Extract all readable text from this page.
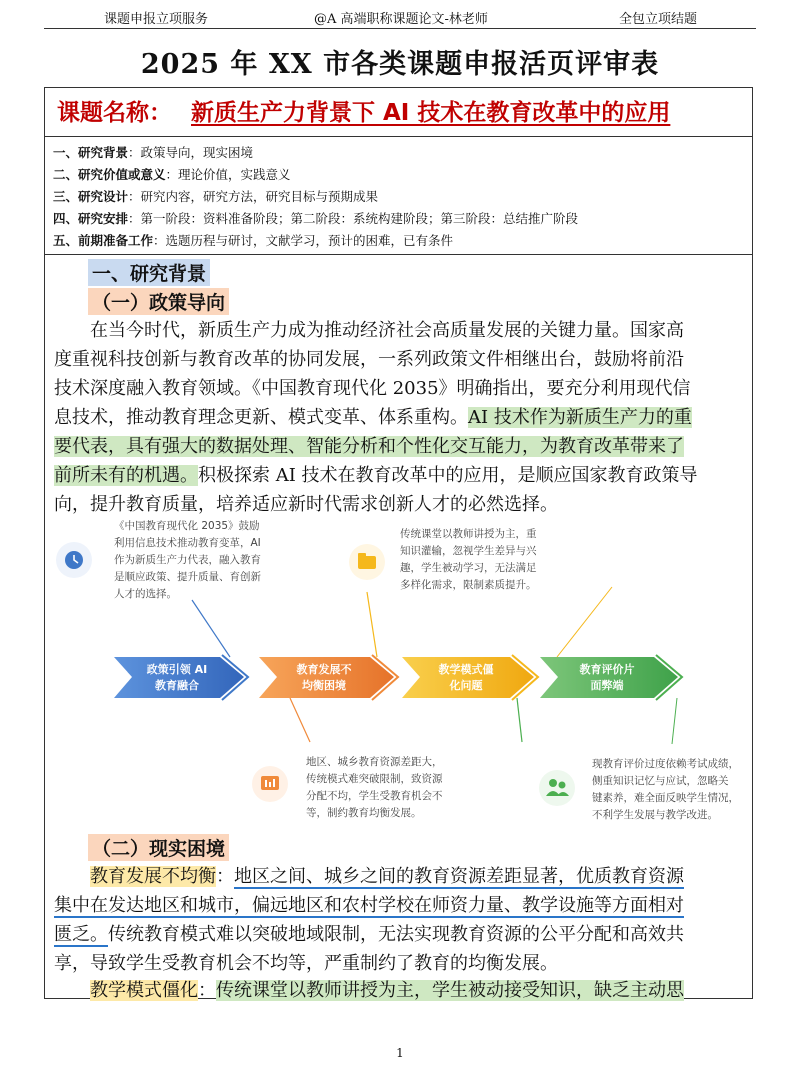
课题申报立项服务	@A 高端职称课题论文-林老师	全包立项结题
2025 年 XX 市各类课题申报活页评审表
课题名称： 新质生产力背景下 AI 技术在教育改革中的应用
一、研究背景：政策导向，现实困境
二、研究价值或意义：理论价值，实践意义
三、研究设计：研究内容，研究方法，研究目标与预期成果
四、研究安排：第一阶段：资料准备阶段；第二阶段：系统构建阶段；第三阶段：总结推广阶段
五、前期准备工作：选题历程与研讨，文献学习，预计的困难，已有条件
一、研究背景
（一）政策导向
在当今时代，新质生产力成为推动经济社会高质量发展的关键力量。国家高
度重视科技创新与教育改革的协同发展，一系列政策文件相继出台，鼓励将前沿
技术深度融入教育领域。《中国教育现代化 2035》明确指出，要充分利用现代信
息技术，推动教育理念更新、模式变革、体系重构。AI 技术作为新质生产力的重
要代表，具有强大的数据处理、智能分析和个性化交互能力，为教育改革带来了
前所未有的机遇。积极探索 AI 技术在教育改革中的应用，是顺应国家教育政策导
向，提升教育质量，培养适应新时代需求创新人才的必然选择。
政策引领 AI
教育融合
教育发展不
均衡困境
教学模式僵
化问题
教育评价片
面弊端
《中国教育现代化 2035》鼓励
利用信息技术推动教育变革，AI
作为新质生产力代表，融入教育
是顺应政策、提升质量、育创新
人才的选择。
传统课堂以教师讲授为主，重
知识灌输，忽视学生差异与兴
趣，学生被动学习，无法满足
多样化需求，限制素质提升。
地区、城乡教育资源差距大，
传统模式难突破限制，致资源
分配不均，学生受教育机会不
等，制约教育均衡发展。
现教育评价过度依赖考试成绩，
侧重知识记忆与应试，忽略关
键素养，难全面反映学生情况，
不利学生发展与教学改进。
（二）现实困境
教育发展不均衡：地区之间、城乡之间的教育资源差距显著，优质教育资源
集中在发达地区和城市，偏远地区和农村学校在师资力量、教学设施等方面相对
匮乏。传统教育模式难以突破地域限制，无法实现教育资源的公平分配和高效共
享，导致学生受教育机会不均等，严重制约了教育的均衡发展。
教学模式僵化：传统课堂以教师讲授为主，学生被动接受知识，缺乏主动思
1
